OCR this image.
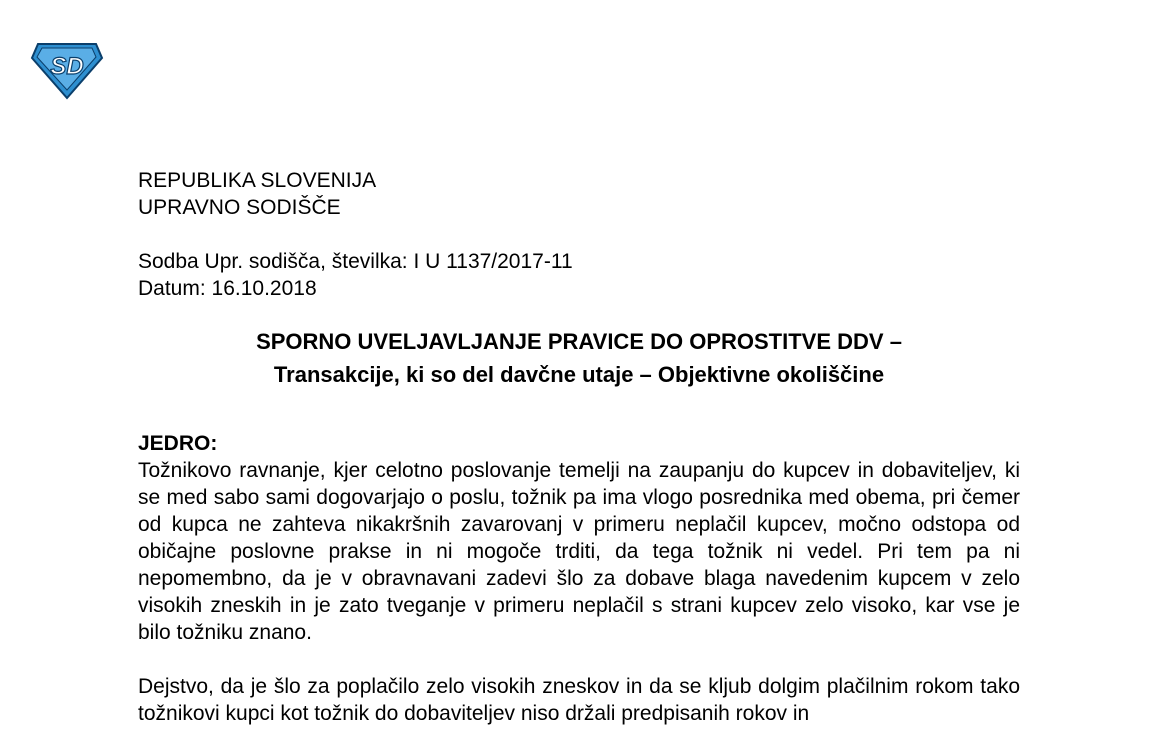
SD

REPUBLIKA SLOVENIJA

UPRAVNO SODIŠČE

Sodba Upr. sodišča, številka: I U 1137/2017-11

Datum: 16.10.2018

SPORNO UVELJAVLJANJE PRAVICE DO OPROSTITVE DDV –
Transakcije, ki so del davčne utaje – Objektivne okoliščine
JEDRO:

Tožnikovo ravnanje, kjer celotno poslovanje temelji na zaupanju do kupcev in dobaviteljev, ki se med sabo sami dogovarjajo o poslu, tožnik pa ima vlogo posrednika med obema, pri čemer od kupca ne zahteva nikakršnih zavarovanj v primeru neplačil kupcev, močno odstopa od običajne poslovne prakse in ni mogoče trditi, da tega tožnik ni vedel. Pri tem pa ni nepomembno, da je v obravnavani zadevi šlo za dobave blaga navedenim kupcem v zelo visokih zneskih in je zato tveganje v primeru neplačil s strani kupcev zelo visoko, kar vse je bilo tožniku znano.

Dejstvo, da je šlo za poplačilo zelo visokih zneskov in da se kljub dolgim plačilnim rokom tako tožnikovi kupci kot tožnik do dobaviteljev niso držali predpisanih rokov in
